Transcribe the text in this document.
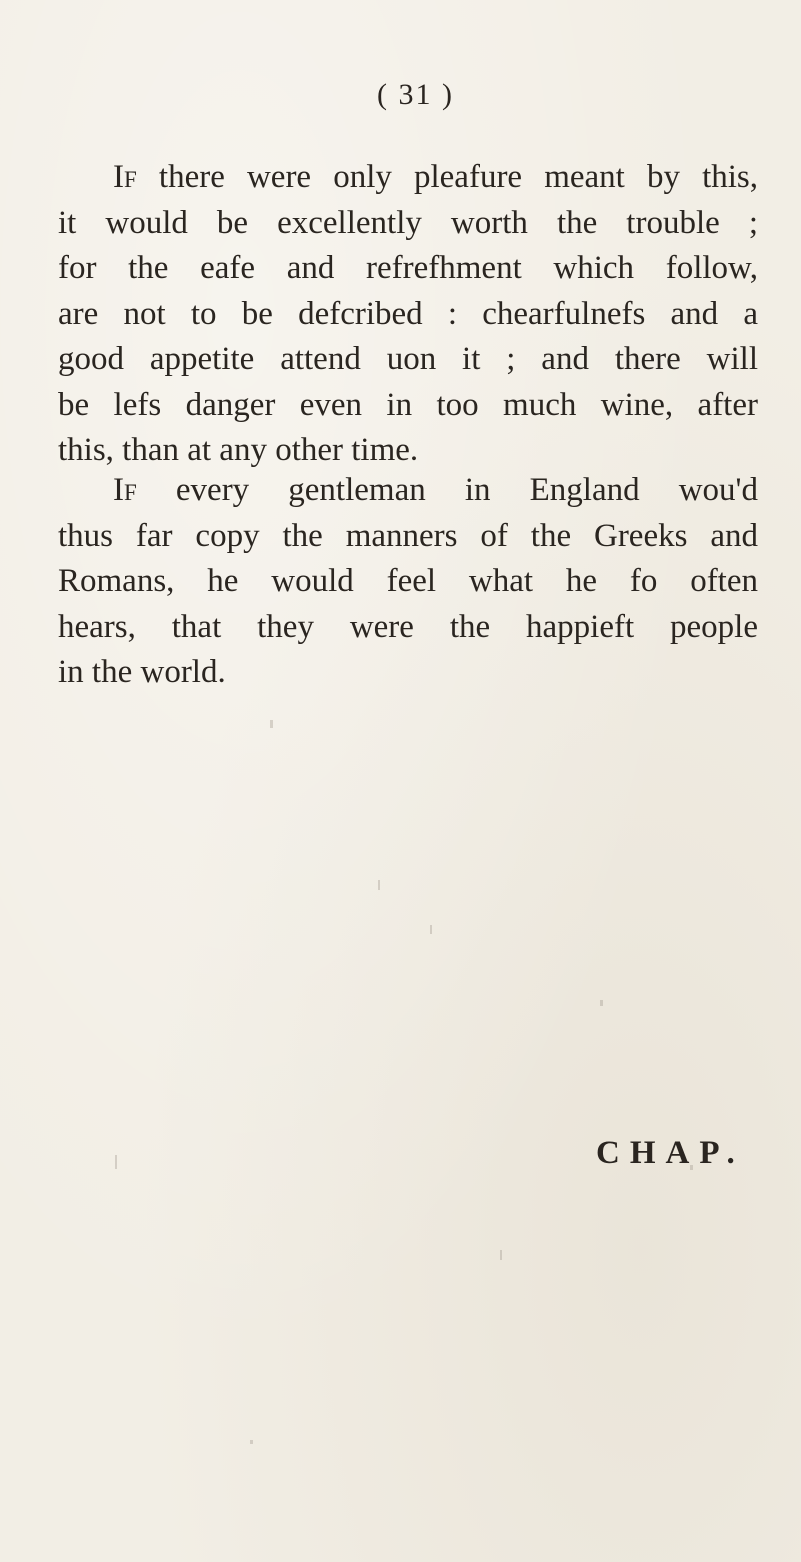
( 31 )
If there were only pleafure meant by this,
it would be excellently worth the trouble ;
for the eafe and refrefhment which follow,
are not to be defcribed : chearfulnefs and a
good appetite attend uon it ; and there will
be lefs danger even in too much wine, after
this, than at any other time.
If every gentleman in England wou'd
thus far copy the manners of the Greeks and
Romans, he would feel what he fo often
hears, that they were the happieft people
in the world.
CHAP.
